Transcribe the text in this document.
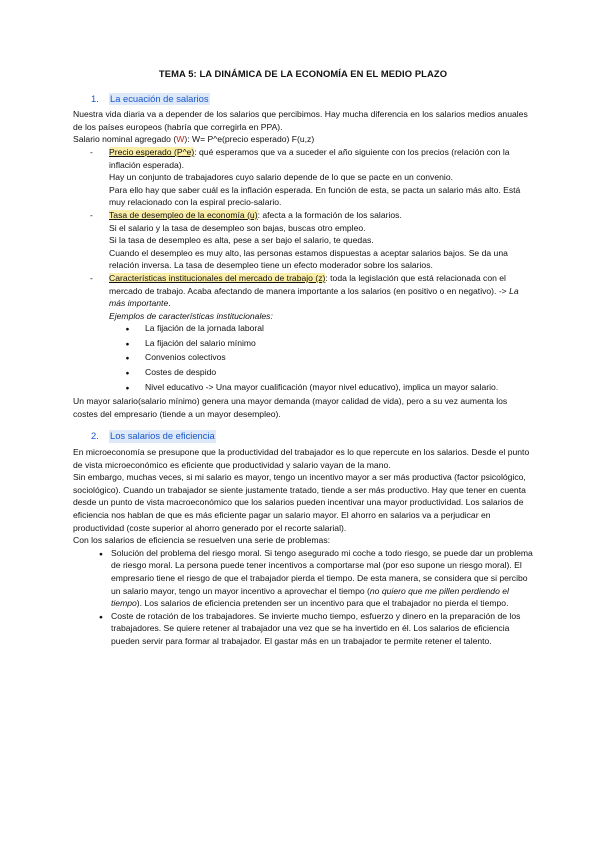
TEMA 5: LA DINÁMICA DE LA ECONOMÍA EN EL MEDIO PLAZO
1.	La ecuación de salarios

Nuestra vida diaria va a depender de los salarios que percibimos. Hay mucha diferencia en los salarios medios anuales de los países europeos (habría que corregirla en PPA).

Salario nominal agregado (W): W= P^e(precio esperado) F(u,z)

-	Precio esperado (P^e): qué esperamos que va a suceder el año siguiente con los precios (relación con la inflación esperada).

Hay un conjunto de trabajadores cuyo salario depende de lo que se pacte en un convenio.

Para ello hay que saber cuál es la inflación esperada. En función de esta, se pacta un salario más alto. Está muy relacionado con la espiral precio-salario.

-	Tasa de desempleo de la economía (u): afecta a la formación de los salarios.

Si el salario y la tasa de desempleo son bajas, buscas otro empleo.

Si la tasa de desempleo es alta, pese a ser bajo el salario, te quedas.

Cuando el desempleo es muy alto, las personas estamos dispuestas a aceptar salarios bajos. Se da una relación inversa. La tasa de desempleo tiene un efecto moderador sobre los salarios.

-	Características institucionales del mercado de trabajo (z): toda la legislación que está relacionada con el mercado de trabajo. Acaba afectando de manera importante a los salarios (en positivo o en negativo). -> La más importante.

Ejemplos de características institucionales:

●
La fijación de la jornada laboral
●
La fijación del salario mínimo
●
Convenios colectivos
●
Costes de despido
●
Nivel educativo -> Una mayor cualificación (mayor nivel educativo), implica un mayor salario.

Un mayor salario(salario mínimo) genera una mayor demanda (mayor calidad de vida), pero a su vez aumenta los costes del empresario (tiende a un mayor desempleo).

2.	Los salarios de eficiencia

En microeconomía se presupone que la productividad del trabajador es lo que repercute en los salarios. Desde el punto de vista microeconómico es eficiente que productividad y salario vayan de la mano.

Sin embargo, muchas veces, si mi salario es mayor, tengo un incentivo mayor a ser más productiva (factor psicológico, sociológico). Cuando un trabajador se siente justamente tratado, tiende a ser más productivo. Hay que tener en cuenta desde un punto de vista macroeconómico que los salarios pueden incentivar una mayor productividad. Los salarios de eficiencia nos hablan de que es más eficiente pagar un salario mayor. El ahorro en salarios va a perjudicar en productividad (coste superior al ahorro generado por el recorte salarial).

Con los salarios de eficiencia se resuelven una serie de problemas:

●
Solución del problema del riesgo moral. Si tengo asegurado mi coche a todo riesgo, se puede dar un problema de riesgo moral. La persona puede tener incentivos a comportarse mal (por eso supone un riesgo moral). El empresario tiene el riesgo de que el trabajador pierda el tiempo. De esta manera, se considera que si percibo un salario mayor, tengo un mayor incentivo a aprovechar el tiempo (no quiero que me pillen perdiendo el tiempo). Los salarios de eficiencia pretenden ser un incentivo para que el trabajador no pierda el tiempo.
●
Coste de rotación de los trabajadores. Se invierte mucho tiempo, esfuerzo y dinero en la preparación de los trabajadores. Se quiere retener al trabajador una vez que se ha invertido en él. Los salarios de eficiencia pueden servir para formar al trabajador. El gastar más en un trabajador te permite retener el talento.
